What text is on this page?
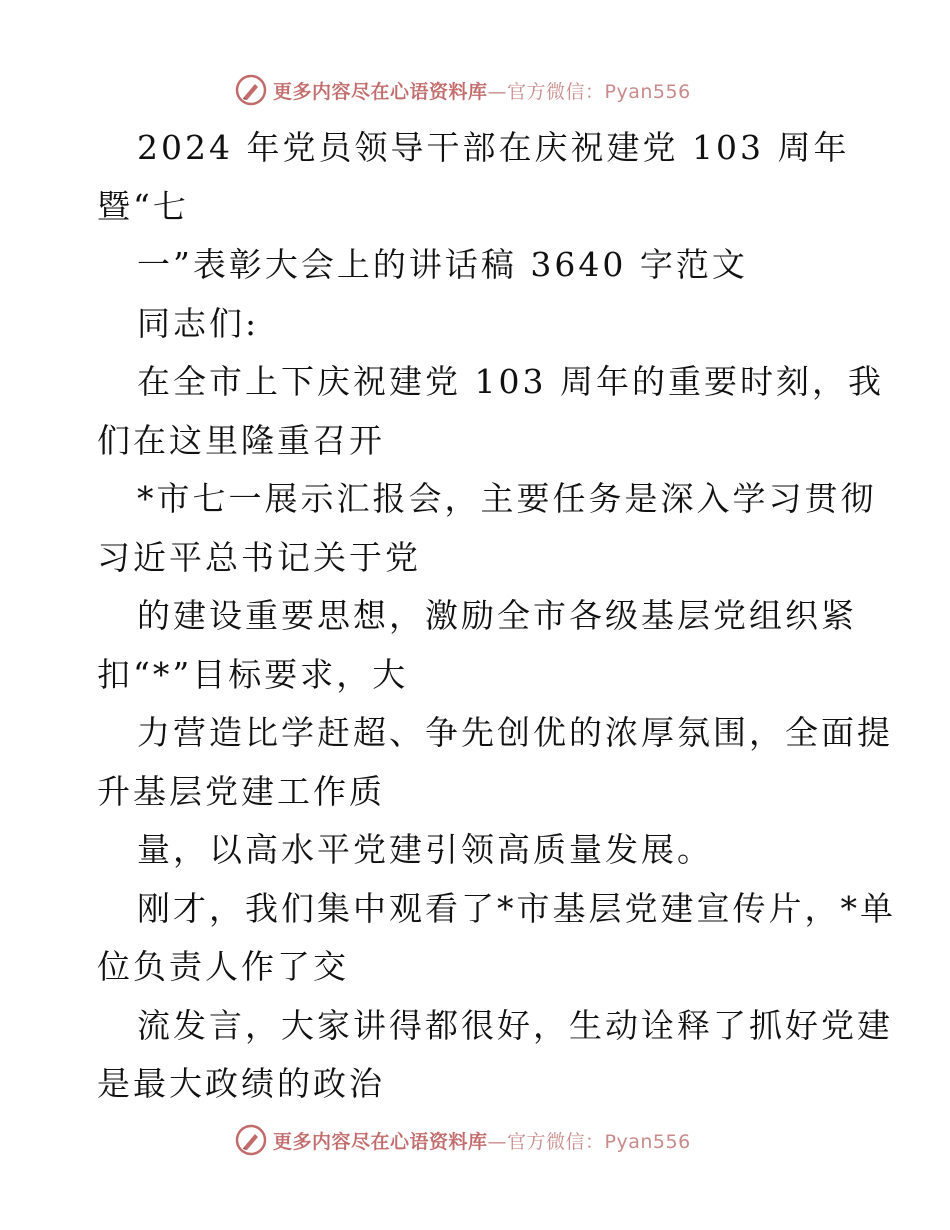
更多内容尽在心语资料库—官方微信：Pyan556
2024 年党员领导干部在庆祝建党 103 周年
暨“七
一”表彰大会上的讲话稿 3640 字范文
同志们:
在全市上下庆祝建党 103 周年的重要时刻，我
们在这里隆重召开
*市七一展示汇报会，主要任务是深入学习贯彻
习近平总书记关于党
的建设重要思想，激励全市各级基层党组织紧
扣“*”目标要求，大
力营造比学赶超、争先创优的浓厚氛围，全面提
升基层党建工作质
量，以高水平党建引领高质量发展。
刚才，我们集中观看了*市基层党建宣传片，*单
位负责人作了交
流发言，大家讲得都很好，生动诠释了抓好党建
是最大政绩的政治
更多内容尽在心语资料库—官方微信：Pyan556
